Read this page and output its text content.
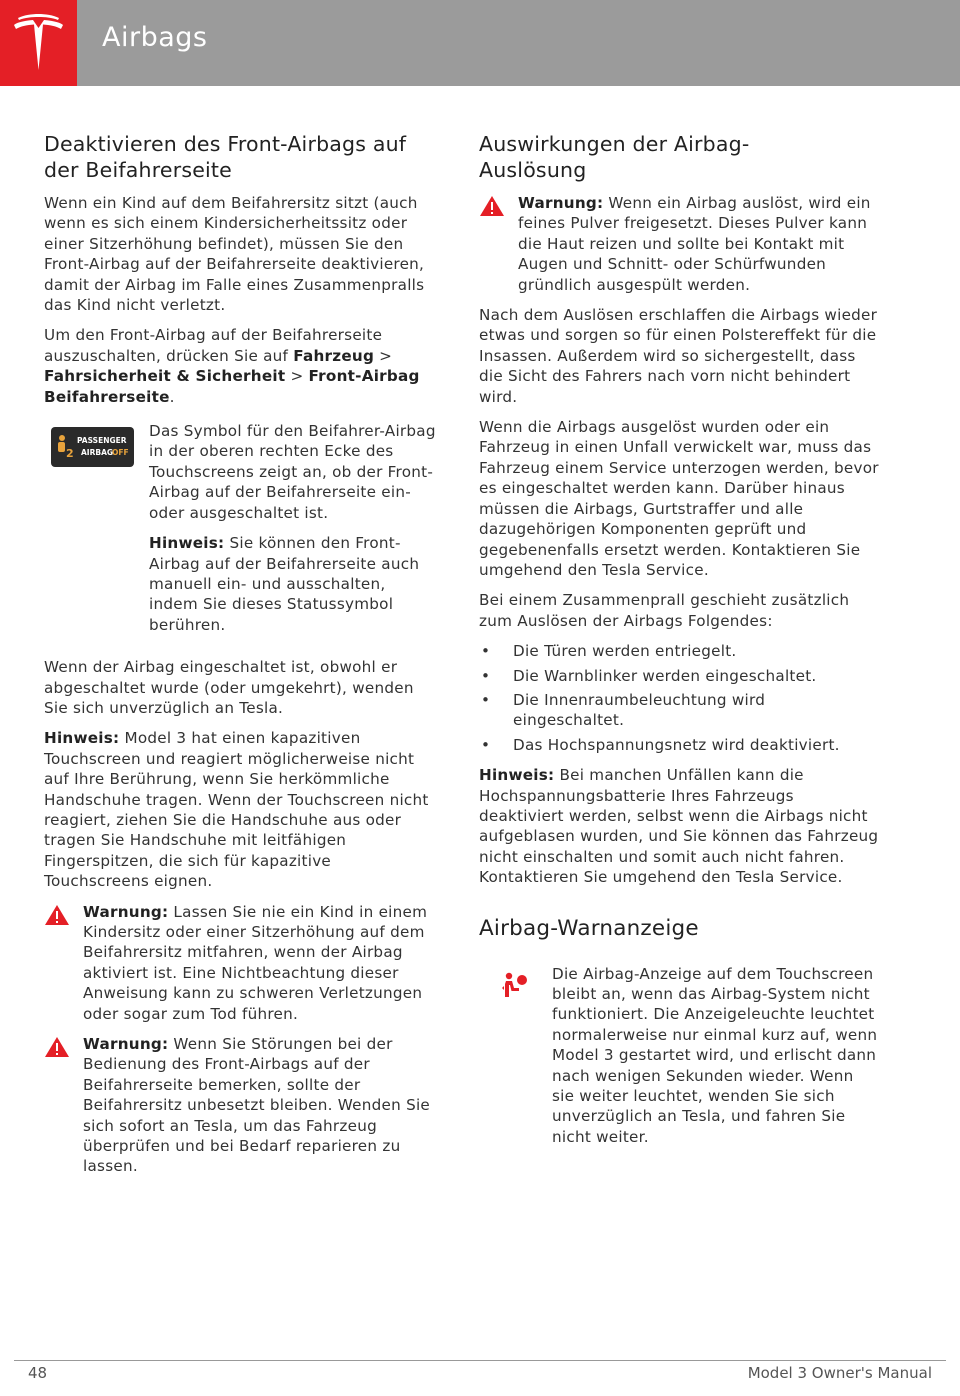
Airbags
Deaktivieren des Front-Airbags auf der Beifahrerseite

Wenn ein Kind auf dem Beifahrersitz sitzt (auch wenn es sich einem Kindersicherheitssitz oder einer Sitzerhöhung befindet), müssen Sie den Front-Airbag auf der Beifahrerseite deaktivieren, damit der Airbag im Falle eines Zusammenpralls das Kind nicht verletzt.

Um den Front-Airbag auf der Beifahrerseite auszuschalten, drücken Sie auf Fahrzeug > Fahrsicherheit & Sicherheit > Front-Airbag Beifahrerseite.

2
PASSENGER
AIRBAG
OFF

Das Symbol für den Beifahrer-Airbag in der oberen rechten Ecke des Touchscreens zeigt an, ob der Front-Airbag auf der Beifahrerseite ein- oder ausgeschaltet ist.

Hinweis: Sie können den Front-Airbag auf der Beifahrerseite auch manuell ein- und ausschalten, indem Sie dieses Statussymbol berühren.

Wenn der Airbag eingeschaltet ist, obwohl er abgeschaltet wurde (oder umgekehrt), wenden Sie sich unverzüglich an Tesla.

Hinweis: Model 3 hat einen kapazitiven Touchscreen und reagiert möglicherweise nicht auf Ihre Berührung, wenn Sie herkömmliche Handschuhe tragen. Wenn der Touchscreen nicht reagiert, ziehen Sie die Handschuhe aus oder tragen Sie Handschuhe mit leitfähigen Fingerspitzen, die sich für kapazitive Touchscreens eignen.

Warnung: Lassen Sie nie ein Kind in einem Kindersitz oder einer Sitzerhöhung auf dem Beifahrersitz mitfahren, wenn der Airbag aktiviert ist. Eine Nichtbeachtung dieser Anweisung kann zu schweren Verletzungen oder sogar zum Tod führen.

Warnung: Wenn Sie Störungen bei der Bedienung des Front-Airbags auf der Beifahrerseite bemerken, sollte der Beifahrersitz unbesetzt bleiben. Wenden Sie sich sofort an Tesla, um das Fahrzeug überprüfen und bei Bedarf reparieren zu lassen.

Auswirkungen der Airbag-Auslösung

Warnung: Wenn ein Airbag auslöst, wird ein feines Pulver freigesetzt. Dieses Pulver kann die Haut reizen und sollte bei Kontakt mit Augen und Schnitt- oder Schürfwunden gründlich ausgespült werden.

Nach dem Auslösen erschlaffen die Airbags wieder etwas und sorgen so für einen Polstereffekt für die Insassen. Außerdem wird so sichergestellt, dass die Sicht des Fahrers nach vorn nicht behindert wird.

Wenn die Airbags ausgelöst wurden oder ein Fahrzeug in einen Unfall verwickelt war, muss das Fahrzeug einem Service unterzogen werden, bevor es eingeschaltet werden kann. Darüber hinaus müssen die Airbags, Gurtstraffer und alle dazugehörigen Komponenten geprüft und gegebenenfalls ersetzt werden. Kontaktieren Sie umgehend den Tesla Service.

Bei einem Zusammenprall geschieht zusätzlich zum Auslösen der Airbags Folgendes:

• Die Türen werden entriegelt.
• Die Warnblinker werden eingeschaltet.
• Die Innenraumbeleuchtung wird eingeschaltet.
• Das Hochspannungsnetz wird deaktiviert.

Hinweis: Bei manchen Unfällen kann die Hochspannungsbatterie Ihres Fahrzeugs deaktiviert werden, selbst wenn die Airbags nicht aufgeblasen wurden, und Sie können das Fahrzeug nicht einschalten und somit auch nicht fahren. Kontaktieren Sie umgehend den Tesla Service.

Airbag-Warnanzeige

Die Airbag-Anzeige auf dem Touchscreen bleibt an, wenn das Airbag-System nicht funktioniert. Die Anzeigeleuchte leuchtet normalerweise nur einmal kurz auf, wenn Model 3 gestartet wird, und erlischt dann nach wenigen Sekunden wieder. Wenn sie weiter leuchtet, wenden Sie sich unverzüglich an Tesla, und fahren Sie nicht weiter.

48	Model 3 Owner's Manual
